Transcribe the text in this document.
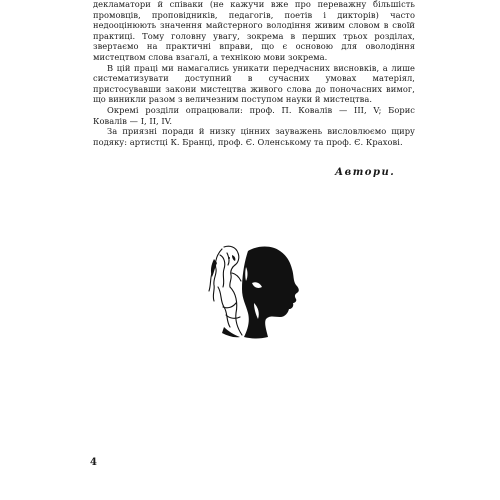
декламатори й співаки (не кажучи вже про переважну більшість промовців, проповідників, педагогів, поетів і дикторів) часто недооцінюють значення майстерного володіння живим словом в своїй практиці. Тому головну увагу, зокрема в перших трьох розділах, звертаємо на практичні вправи, що є основою для оволодіння мистецтвом слова взагалі, а технікою мови зокрема.

В цій праці ми намагались уникати передчасних висновків, а лише систематизувати доступний в сучасних умовах матеріял, пристосувавши закони мистецтва живого слова до поночасних вимог, що виникли разом з величезним поступом науки й мистецтва.

Окремі розділи опрацювали: проф. П. Ковалів — III, V; Борис Ковалів — I, II, IV.

За приязні поради й низку цінних зауважень висловлюємо щиру подяку: артистці К. Бранці, проф. Є. Оленському та проф. Є. Крахові.

Автори.
4
